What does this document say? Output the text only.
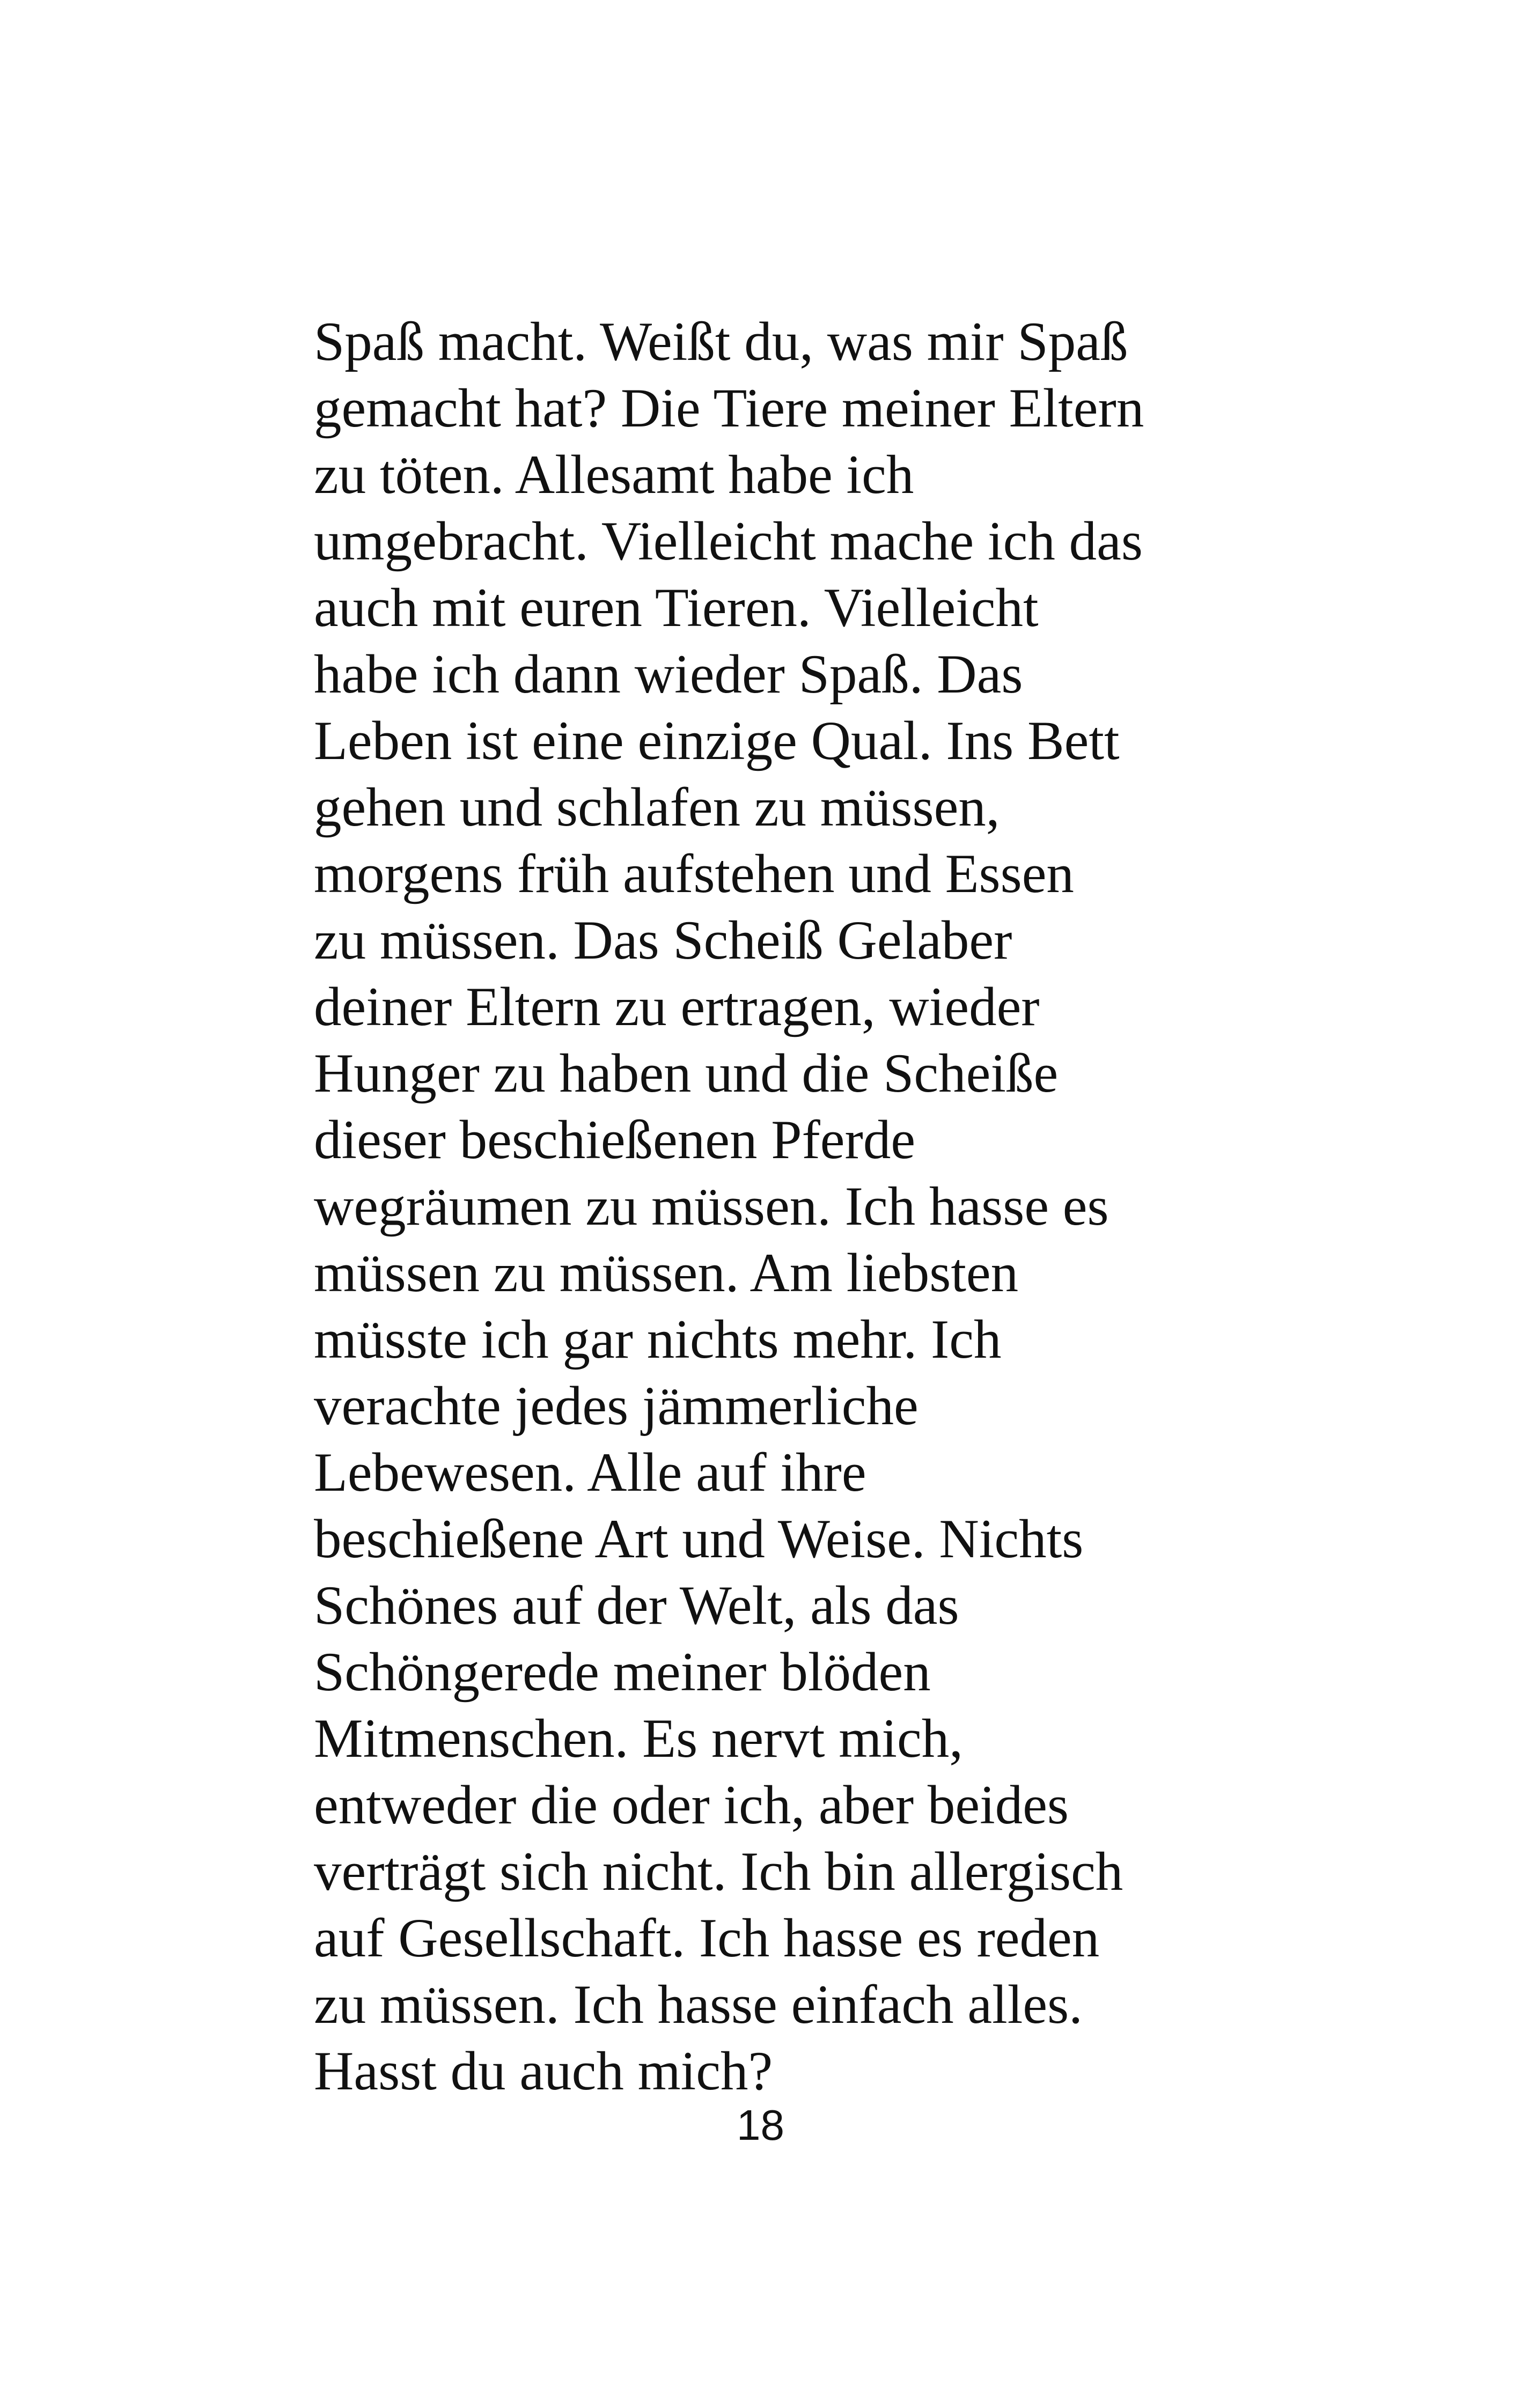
Spaß macht. Weißt du, was mir Spaß
gemacht hat? Die Tiere meiner Eltern
zu töten. Allesamt habe ich
umgebracht. Vielleicht mache ich das
auch mit euren Tieren. Vielleicht
habe ich dann wieder Spaß. Das
Leben ist eine einzige Qual. Ins Bett
gehen und schlafen zu müssen,
morgens früh aufstehen und Essen
zu müssen. Das Scheiß Gelaber
deiner Eltern zu ertragen, wieder
Hunger zu haben und die Scheiße
dieser beschießenen Pferde
wegräumen zu müssen. Ich hasse es
müssen zu müssen. Am liebsten
müsste ich gar nichts mehr. Ich
verachte jedes jämmerliche
Lebewesen. Alle auf ihre
beschießene Art und Weise. Nichts
Schönes auf der Welt, als das
Schöngerede meiner blöden
Mitmenschen. Es nervt mich,
entweder die oder ich, aber beides
verträgt sich nicht. Ich bin allergisch
auf Gesellschaft. Ich hasse es reden
zu müssen. Ich hasse einfach alles.
Hasst du auch mich?
18
